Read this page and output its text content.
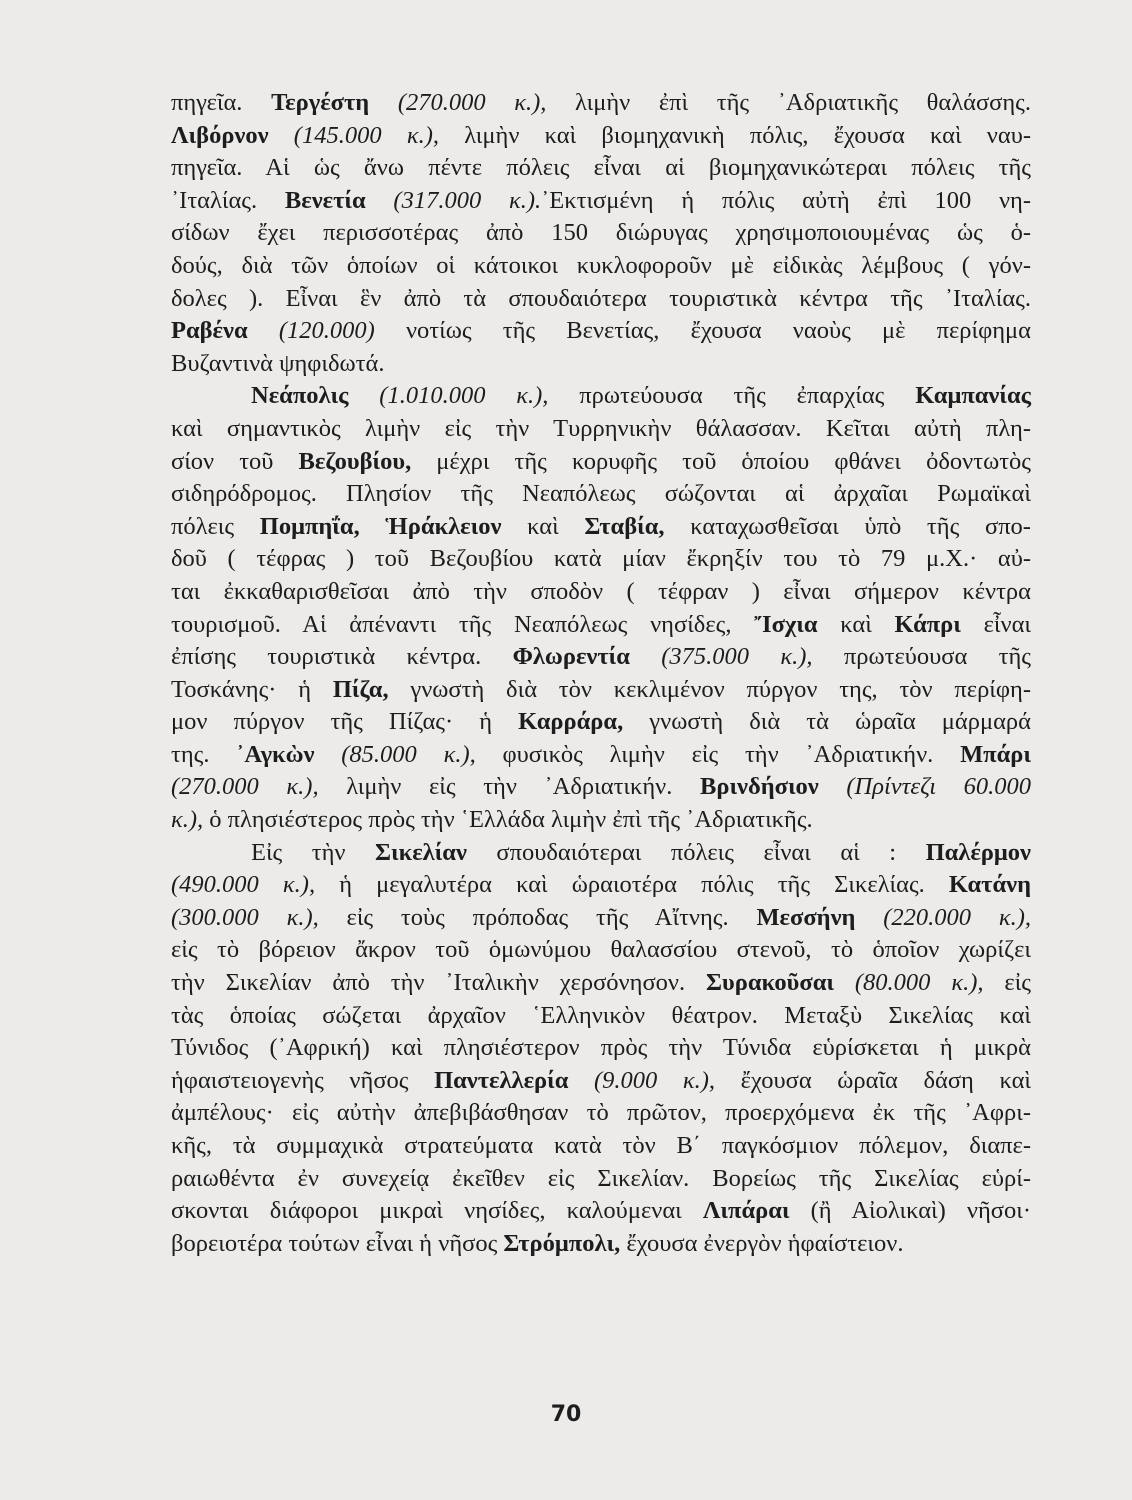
πηγεῖα. Τεργέστη (270.000 κ.), λιμὴν ἐπὶ τῆς ᾿Αδριατικῆς θαλάσσης.
Λιβόρνον (145.000 κ.), λιμὴν καὶ βιομηχανικὴ πόλις, ἔχουσα καὶ ναυ-
πηγεῖα. Αἱ ὡς ἄνω πέντε πόλεις εἶναι αἱ βιομηχανικώτεραι πόλεις τῆς
᾿Ιταλίας. Βενετία (317.000 κ.).᾿Εκτισμένη ἡ πόλις αὐτὴ ἐπὶ 100 νη-
σίδων ἔχει περισσοτέρας ἀπὸ 150 διώρυγας χρησιμοποιουμένας ὡς ὁ-
δούς, διὰ τῶν ὁποίων οἱ κάτοικοι κυκλοφοροῦν μὲ εἰδικὰς λέμβους ( γόν-
δολες ). Εἶναι ἓν ἀπὸ τὰ σπουδαιότερα τουριστικὰ κέντρα τῆς ᾿Ιταλίας.
Ραβένα (120.000) νοτίως τῆς Βενετίας, ἔχουσα ναοὺς μὲ περίφημα
Βυζαντινὰ ψηφιδωτά.
Νεάπολις (1.010.000 κ.), πρωτεύουσα τῆς ἐπαρχίας Καμπανίας
καὶ σημαντικὸς λιμὴν εἰς τὴν Τυρρηνικὴν θάλασσαν. Κεῖται αὐτὴ πλη-
σίον τοῦ Βεζουβίου, μέχρι τῆς κορυφῆς τοῦ ὁποίου φθάνει ὀδοντωτὸς
σιδηρόδρομος. Πλησίον τῆς Νεαπόλεως σώζονται αἱ ἀρχαῖαι Ρωμαϊκαὶ
πόλεις Πομπηΐα, Ἡράκλειον καὶ Σταβία, καταχωσθεῖσαι ὑπὸ τῆς σπο-
δοῦ ( τέφρας ) τοῦ Βεζουβίου κατὰ μίαν ἔκρηξίν του τὸ 79 μ.Χ.· αὐ-
ται ἐκκαθαρισθεῖσαι ἀπὸ τὴν σποδὸν ( τέφραν ) εἶναι σήμερον κέντρα
τουρισμοῦ. Αἱ ἀπέναντι τῆς Νεαπόλεως νησίδες, Ἴσχια καὶ Κάπρι εἶναι
ἐπίσης τουριστικὰ κέντρα. Φλωρεντία (375.000 κ.), πρωτεύουσα τῆς
Τοσκάνης· ἡ Πίζα, γνωστὴ διὰ τὸν κεκλιμένον πύργον της, τὸν περίφη-
μον πύργον τῆς Πίζας· ἡ Καρράρα, γνωστὴ διὰ τὰ ὡραῖα μάρμαρά
της. ᾿Αγκὼν (85.000 κ.), φυσικὸς λιμὴν εἰς τὴν ᾿Αδριατικήν. Μπάρι
(270.000 κ.), λιμὴν εἰς τὴν ᾿Αδριατικήν. Βρινδήσιον (Πρίντεζι 60.000
κ.), ὁ πλησιέστερος πρὸς τὴν ῾Ελλάδα λιμὴν ἐπὶ τῆς ᾿Αδριατικῆς.
Εἰς τὴν Σικελίαν σπουδαιότεραι πόλεις εἶναι αἱ : Παλέρμον
(490.000 κ.), ἡ μεγαλυτέρα καὶ ὡραιοτέρα πόλις τῆς Σικελίας. Κατάνη
(300.000 κ.), εἰς τοὺς πρόποδας τῆς Αἴτνης. Μεσσήνη (220.000 κ.),
εἰς τὸ βόρειον ἄκρον τοῦ ὁμωνύμου θαλασσίου στενοῦ, τὸ ὁποῖον χωρίζει
τὴν Σικελίαν ἀπὸ τὴν ᾿Ιταλικὴν χερσόνησον. Συρακοῦσαι (80.000 κ.), εἰς
τὰς ὁποίας σώζεται ἀρχαῖον ῾Ελληνικὸν θέατρον. Μεταξὺ Σικελίας καὶ
Τύνιδος (᾿Αφρική) καὶ πλησιέστερον πρὸς τὴν Τύνιδα εὑρίσκεται ἡ μικρὰ
ἡφαιστειογενὴς νῆσος Παντελλερία (9.000 κ.), ἔχουσα ὡραῖα δάση καὶ
ἀμπέλους· εἰς αὐτὴν ἀπεβιβάσθησαν τὸ πρῶτον, προερχόμενα ἐκ τῆς ᾿Αφρι-
κῆς, τὰ συμμαχικὰ στρατεύματα κατὰ τὸν Β΄ παγκόσμιον πόλεμον, διαπε-
ραιωθέντα ἐν συνεχείᾳ ἐκεῖθεν εἰς Σικελίαν. Βορείως τῆς Σικελίας εὑρί-
σκονται διάφοροι μικραὶ νησίδες, καλούμεναι Λιπάραι (ἢ Αἰολικαὶ) νῆσοι·
βορειοτέρα τούτων εἶναι ἡ νῆσος Στρόμπολι, ἔχουσα ἐνεργὸν ἡφαίστειον.
70
